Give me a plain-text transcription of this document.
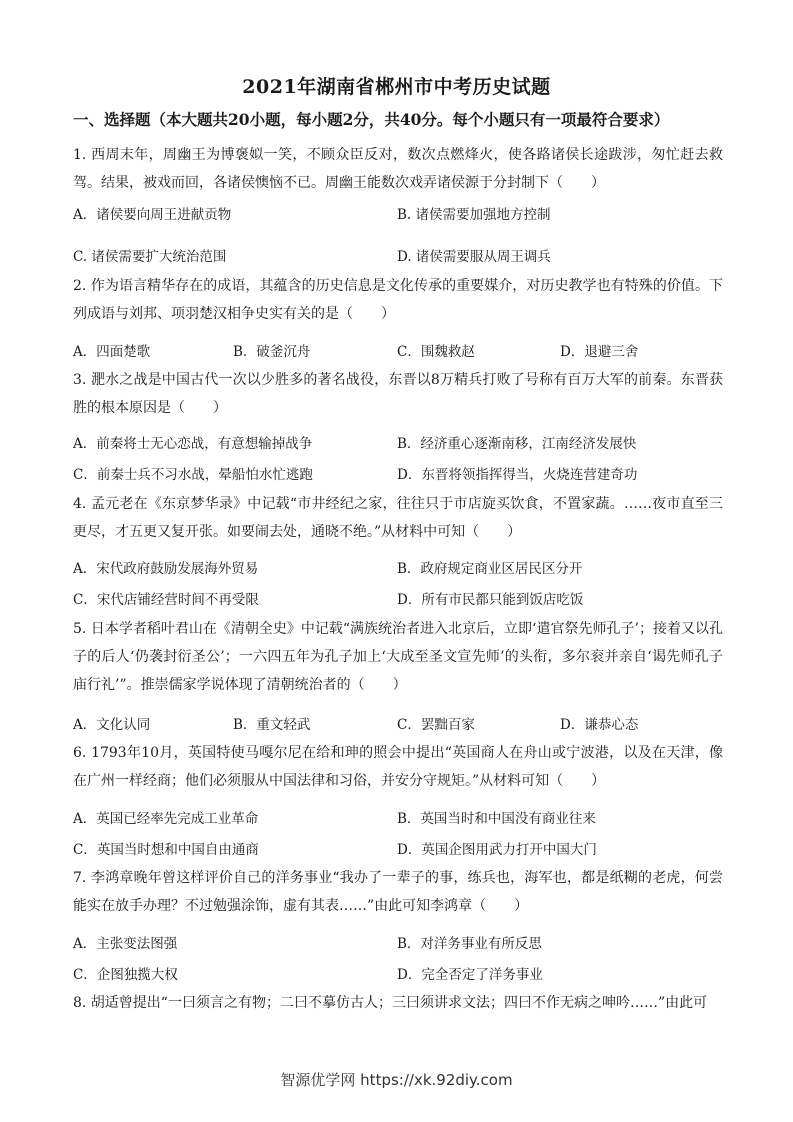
2021年湖南省郴州市中考历史试题
一、选择题（本大题共20小题，每小题2分，共40分。每个小题只有一项最符合要求）
1. 西周末年，周幽王为博褒姒一笑，不顾众臣反对，数次点燃烽火，使各路诸侯长途跋涉，匆忙赶去救驾。结果，被戏而回，各诸侯懊恼不已。周幽王能数次戏弄诸侯源于分封制下（　　）
A．诸侯要向周王进献贡物	B. 诸侯需要加强地方控制
C. 诸侯需要扩大统治范围	D. 诸侯需要服从周王调兵
2. 作为语言精华存在的成语，其蕴含的历史信息是文化传承的重要媒介，对历史教学也有特殊的价值。下列成语与刘邦、项羽楚汉相争史实有关的是（　　）
A．四面楚歌	B．破釜沉舟	C．围魏救赵	D．退避三舍
3. 淝水之战是中国古代一次以少胜多的著名战役，东晋以8万精兵打败了号称有百万大军的前秦。东晋获胜的根本原因是（　　）
A．前秦将士无心恋战，有意想输掉战争	B．经济重心逐渐南移，江南经济发展快
C．前秦士兵不习水战，晕船怕水忙逃跑	D．东晋将领指挥得当，火烧连营建奇功
4. 孟元老在《东京梦华录》中记载“市井经纪之家，往往只于市店旋买饮食，不置家蔬。……夜市直至三更尽，才五更又复开张。如要闹去处，通晓不绝。”从材料中可知（　　）
A．宋代政府鼓励发展海外贸易	B．政府规定商业区居民区分开
C．宋代店铺经营时间不再受限	D．所有市民都只能到饭店吃饭
5. 日本学者稻叶君山在《清朝全史》中记载“满族统治者进入北京后，立即‘遣官祭先师孔子’；接着又以孔子的后人‘仍袭封衍圣公’；一六四五年为孔子加上‘大成至圣文宣先师’的头衔，多尔衮并亲自‘谒先师孔子庙行礼’”。推崇儒家学说体现了清朝统治者的（　　）
A．文化认同	B．重文轻武	C．罢黜百家	D．谦恭心态
6. 1793年10月，英国特使马嘎尔尼在给和珅的照会中提出“英国商人在舟山或宁波港，以及在天津，像在广州一样经商；他们必须服从中国法律和习俗，并安分守规矩。”从材料可知（　　）
A．英国已经率先完成工业革命	B．英国当时和中国没有商业往来
C．英国当时想和中国自由通商	D．英国企图用武力打开中国大门
7. 李鸿章晚年曾这样评价自己的洋务事业“我办了一辈子的事，练兵也，海军也，都是纸糊的老虎，何尝能实在放手办理？不过勉强涂饰，虚有其表……”由此可知李鸿章（　　）
A．主张变法图强	B．对洋务事业有所反思
C．企图独揽大权	D．完全否定了洋务事业
8. 胡适曾提出“一曰须言之有物；二曰不摹仿古人；三曰须讲求文法；四曰不作无病之呻吟……”由此可
智源优学网 https://xk.92diy.com
